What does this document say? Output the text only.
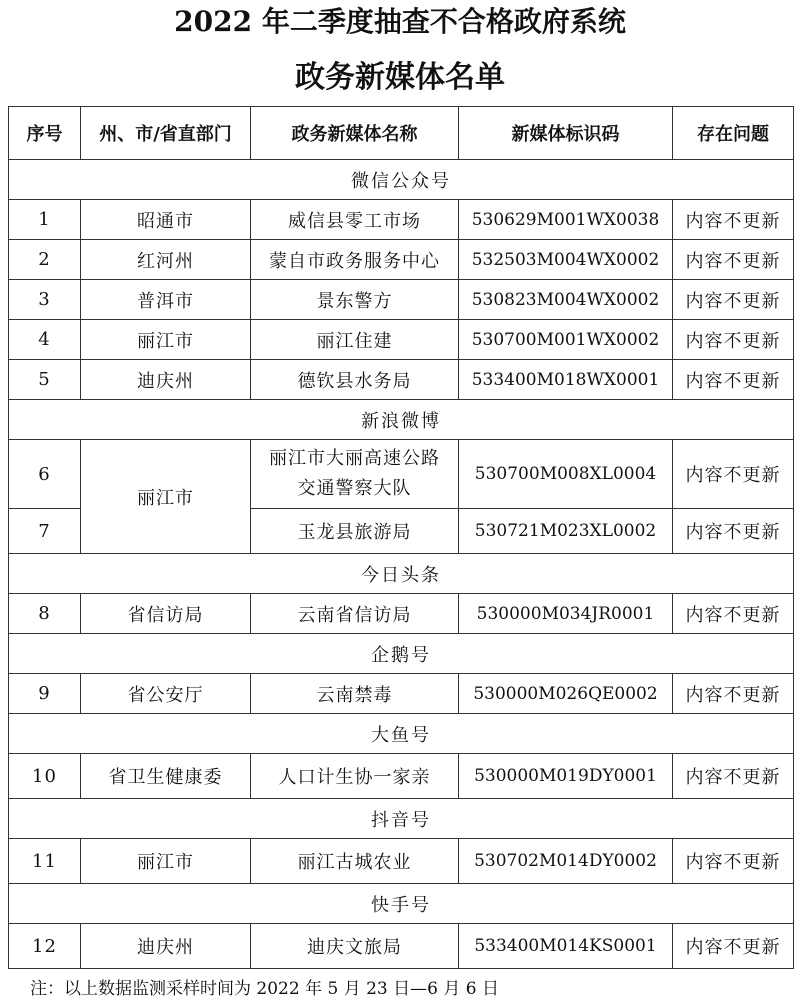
2022 年二季度抽查不合格政府系统
政务新媒体名单
序号	州、市/省直部门	政务新媒体名称	新媒体标识码	存在问题
微信公众号				
1	昭通市	威信县零工市场	530629M001WX0038	内容不更新
2	红河州	蒙自市政务服务中心	532503M004WX0002	内容不更新
3	普洱市	景东警方	530823M004WX0002	内容不更新
4	丽江市	丽江住建	530700M001WX0002	内容不更新
5	迪庆州	德钦县水务局	533400M018WX0001	内容不更新
新浪微博				
6	丽江市	丽江市大丽高速公路
交通警察大队	530700M008XL0004	内容不更新
7		玉龙县旅游局	530721M023XL0002	内容不更新
今日头条				
8	省信访局	云南省信访局	530000M034JR0001	内容不更新
企鹅号				
9	省公安厅	云南禁毒	530000M026QE0002	内容不更新
大鱼号				
10	省卫生健康委	人口计生协一家亲	530000M019DY0001	内容不更新
抖音号				
11	丽江市	丽江古城农业	530702M014DY0002	内容不更新
快手号				
12	迪庆州	迪庆文旅局	533400M014KS0001	内容不更新
注：以上数据监测采样时间为 2022 年 5 月 23 日—6 月 6 日
